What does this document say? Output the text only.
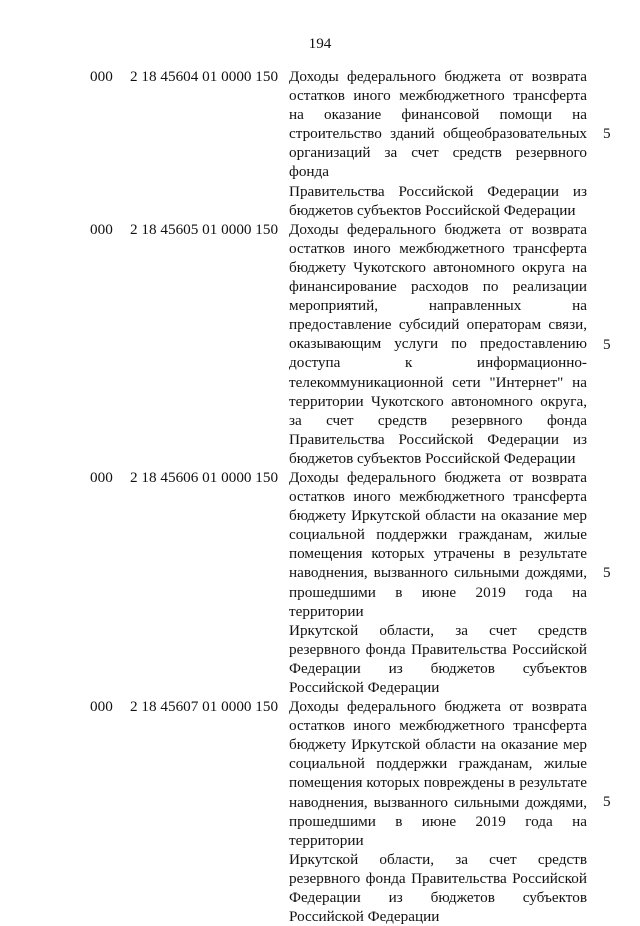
194
000	2 18 45604 01 0000 150 Доходы федерального бюджета от возврата
остатков иного межбюджетного трансферта
на оказание финансовой помощи на
строительство зданий общеобразовательных
организаций за счет средств резервного фонда
Правительства Российской Федерации из
бюджетов субъектов Российской Федерации
5
000	2 18 45605 01 0000 150 Доходы федерального бюджета от возврата
остатков иного межбюджетного трансферта
бюджету Чукотского автономного округа на
финансирование расходов по реализации
мероприятий, направленных на
предоставление субсидий операторам связи,
оказывающим услуги по предоставлению
доступа к информационно-
телекоммуникационной сети "Интернет" на
территории Чукотского автономного округа,
за счет средств резервного фонда
Правительства Российской Федерации из
бюджетов субъектов Российской Федерации
5
000	2 18 45606 01 0000 150 Доходы федерального бюджета от возврата
остатков иного межбюджетного трансферта
бюджету Иркутской области на оказание мер
социальной поддержки гражданам, жилые
помещения которых утрачены в результате
наводнения, вызванного сильными дождями,
прошедшими в июне 2019 года на территории
Иркутской области, за счет средств
резервного фонда Правительства Российской
Федерации из бюджетов субъектов
Российской Федерации
5
000	2 18 45607 01 0000 150 Доходы федерального бюджета от возврата
остатков иного межбюджетного трансферта
бюджету Иркутской области на оказание мер
социальной поддержки гражданам, жилые
помещения которых повреждены в результате
наводнения, вызванного сильными дождями,
прошедшими в июне 2019 года на территории
Иркутской области, за счет средств
резервного фонда Правительства Российской
Федерации из бюджетов субъектов
Российской Федерации
5
